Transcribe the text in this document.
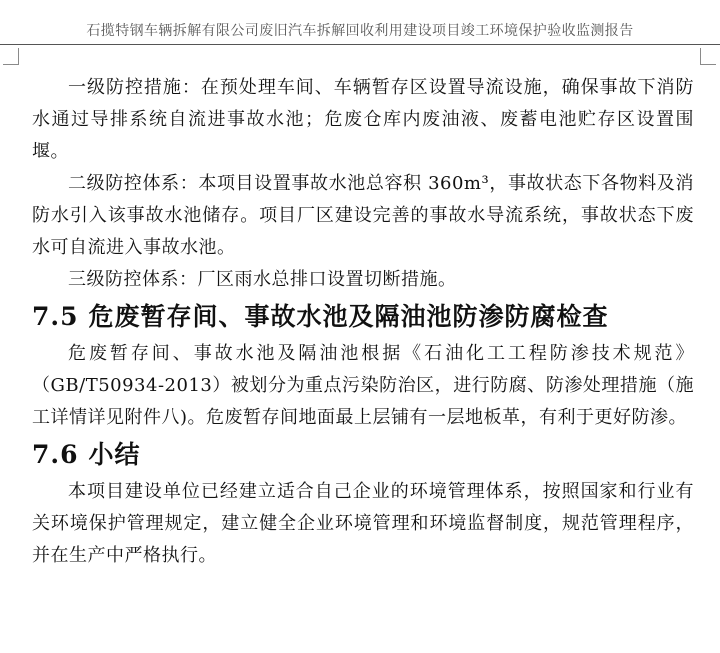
石揽特钢车辆拆解有限公司废旧汽车拆解回收利用建设项目竣工环境保护验收监测报告

一级防控措施：在预处理车间、车辆暂存区设置导流设施，确保事故下消防水通过导排系统自流进事故水池；危废仓库内废油液、废蓄电池贮存区设置围堰。

二级防控体系：本项目设置事故水池总容积 360m³，事故状态下各物料及消防水引入该事故水池储存。项目厂区建设完善的事故水导流系统，事故状态下废水可自流进入事故水池。

三级防控体系：厂区雨水总排口设置切断措施。

7.5 危废暂存间、事故水池及隔油池防渗防腐检查

危废暂存间、事故水池及隔油池根据《石油化工工程防渗技术规范》（GB/T50934-2013）被划分为重点污染防治区，进行防腐、防渗处理措施（施工详情详见附件八)。危废暂存间地面最上层铺有一层地板革，有利于更好防渗。

7.6 小结

本项目建设单位已经建立适合自己企业的环境管理体系，按照国家和行业有关环境保护管理规定，建立健全企业环境管理和环境监督制度，规范管理程序，并在生产中严格执行。
